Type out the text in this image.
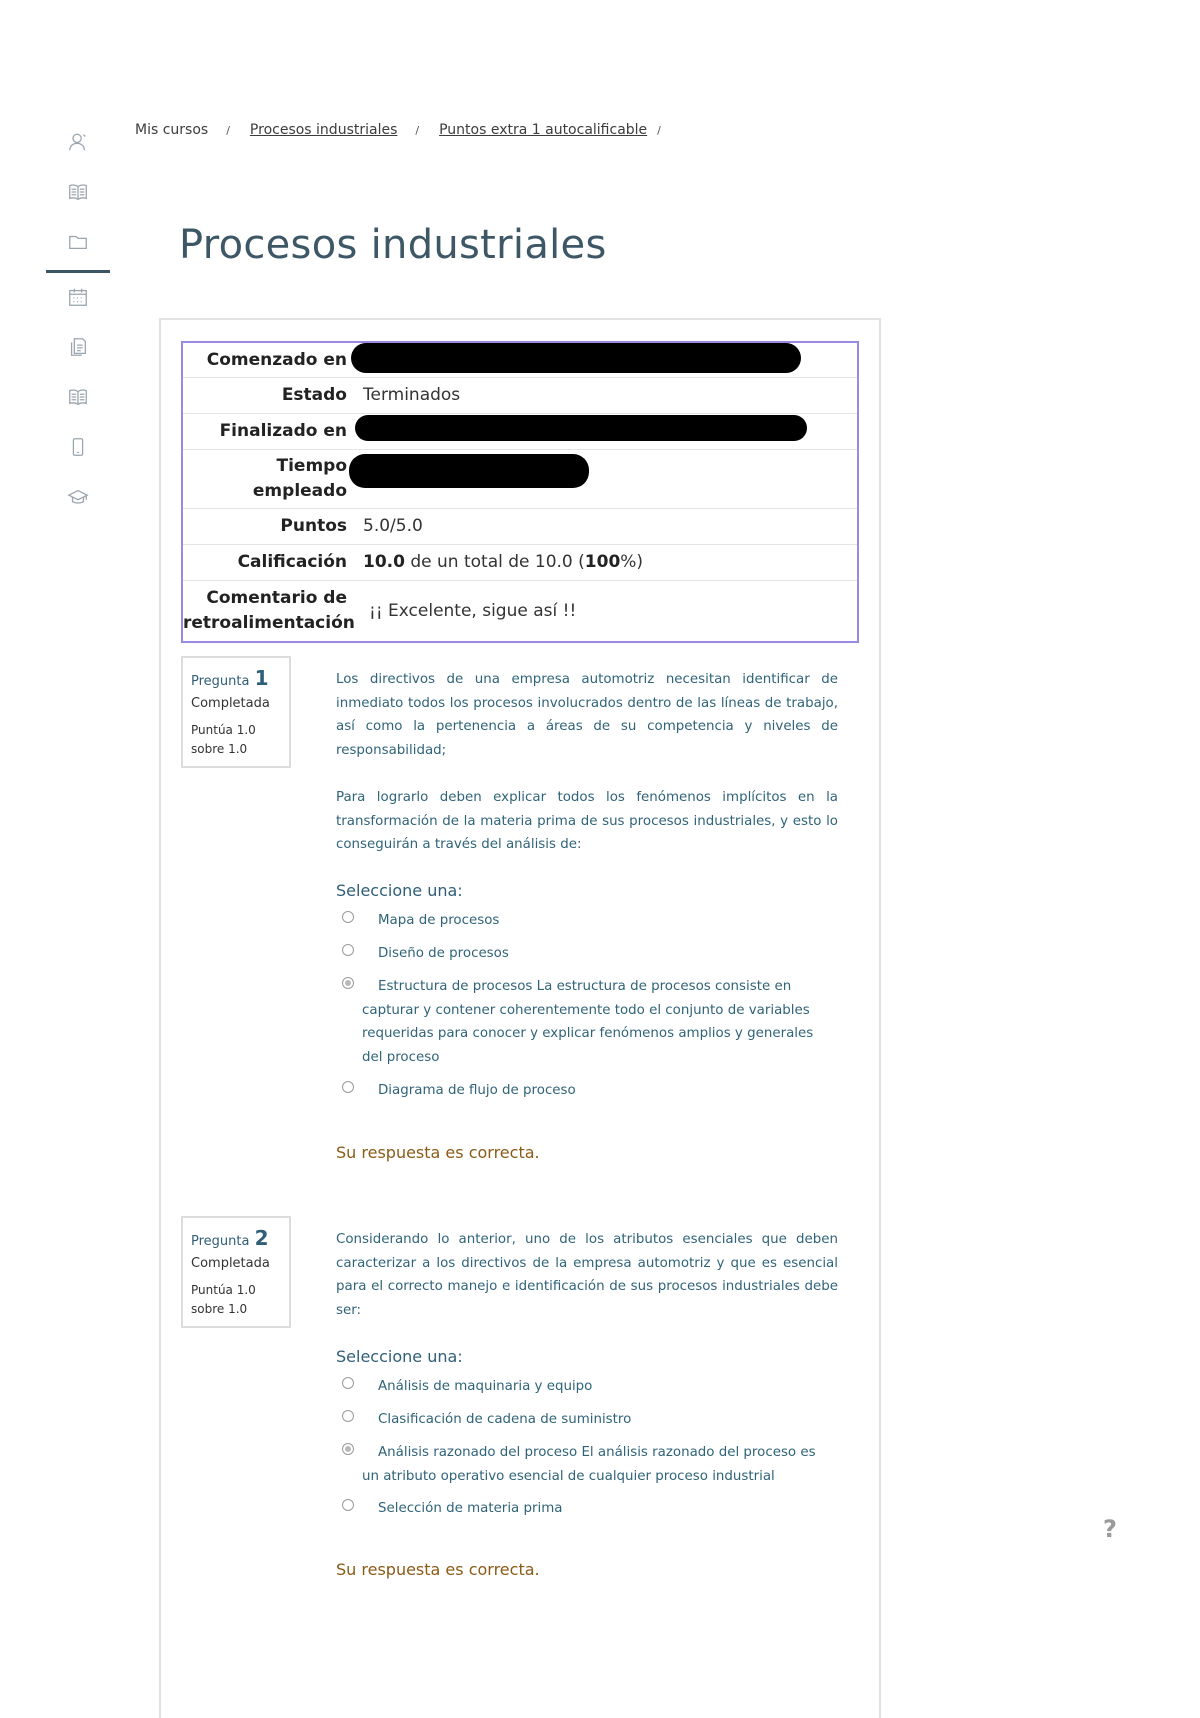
Mis cursos / Procesos industriales / Puntos extra 1 autocalificable /
Procesos industriales
Comenzado en
Estado Terminados
Finalizado en
Tiempo
empleado
Puntos 5.0/5.0
Calificación 10.0 de un total de 10.0 (100%)
Comentario de
retroalimentación
¡¡ Excelente, sigue así !!
Pregunta 1
Completada
Puntúa 1.0
sobre 1.0

Los directivos de una empresa automotriz necesitan identificar de inmediato todos los procesos involucrados dentro de las líneas de trabajo, así como la pertenencia a áreas de su competencia y niveles de responsabilidad;

Para lograrlo deben explicar todos los fenómenos implícitos en la transformación de la materia prima de sus procesos industriales, y esto lo conseguirán a través del análisis de:

Seleccione una:
Mapa de procesos
Diseño de procesos
Estructura de procesos La estructura de procesos consiste en capturar y contener coherentemente todo el conjunto de variables requeridas para conocer y explicar fenómenos amplios y generales del proceso
Diagrama de flujo de proceso
Su respuesta es correcta.
Pregunta 2
Completada
Puntúa 1.0
sobre 1.0

Considerando lo anterior, uno de los atributos esenciales que deben caracterizar a los directivos de la empresa automotriz y que es esencial para el correcto manejo e identificación de sus procesos industriales debe ser:

Seleccione una:
Análisis de maquinaria y equipo
Clasificación de cadena de suministro
Análisis razonado del proceso El análisis razonado del proceso es un atributo operativo esencial de cualquier proceso industrial
Selección de materia prima
Su respuesta es correcta.
?
